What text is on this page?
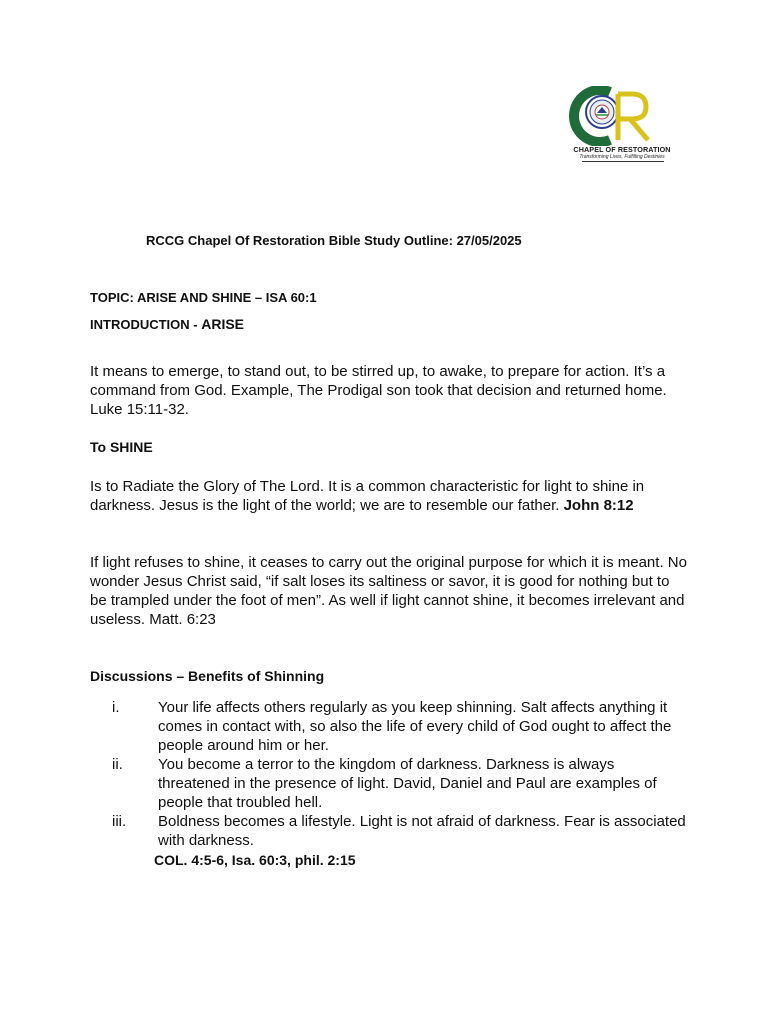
CHAPEL OF RESTORATION
Transforming Lives, Fulfilling Destinies
RCCG Chapel Of Restoration Bible Study Outline: 27/05/2025
TOPIC: ARISE AND SHINE – ISA 60:1
INTRODUCTION - ARISE
It means to emerge, to stand out, to be stirred up, to awake, to prepare for action. It’s a command from God. Example, The Prodigal son took that decision and returned home. Luke 15:11-32.
To SHINE
Is to Radiate the Glory of The Lord. It is a common characteristic for light to shine in darkness. Jesus is the light of the world; we are to resemble our father. John 8:12
If light refuses to shine, it ceases to carry out the original purpose for which it is meant. No wonder Jesus Christ said, “if salt loses its saltiness or savor, it is good for nothing but to be trampled under the foot of men”. As well if light cannot shine, it becomes irrelevant and useless. Matt. 6:23
Discussions – Benefits of Shinning
i.	Your life affects others regularly as you keep shinning. Salt affects anything it comes in contact with, so also the life of every child of God ought to affect the people around him or her.
ii. You become a terror to the kingdom of darkness. Darkness is always threatened in the presence of light. David, Daniel and Paul are examples of people that troubled hell.
iii. Boldness becomes a lifestyle. Light is not afraid of darkness. Fear is associated with darkness.
COL. 4:5-6, Isa. 60:3, phil. 2:15
